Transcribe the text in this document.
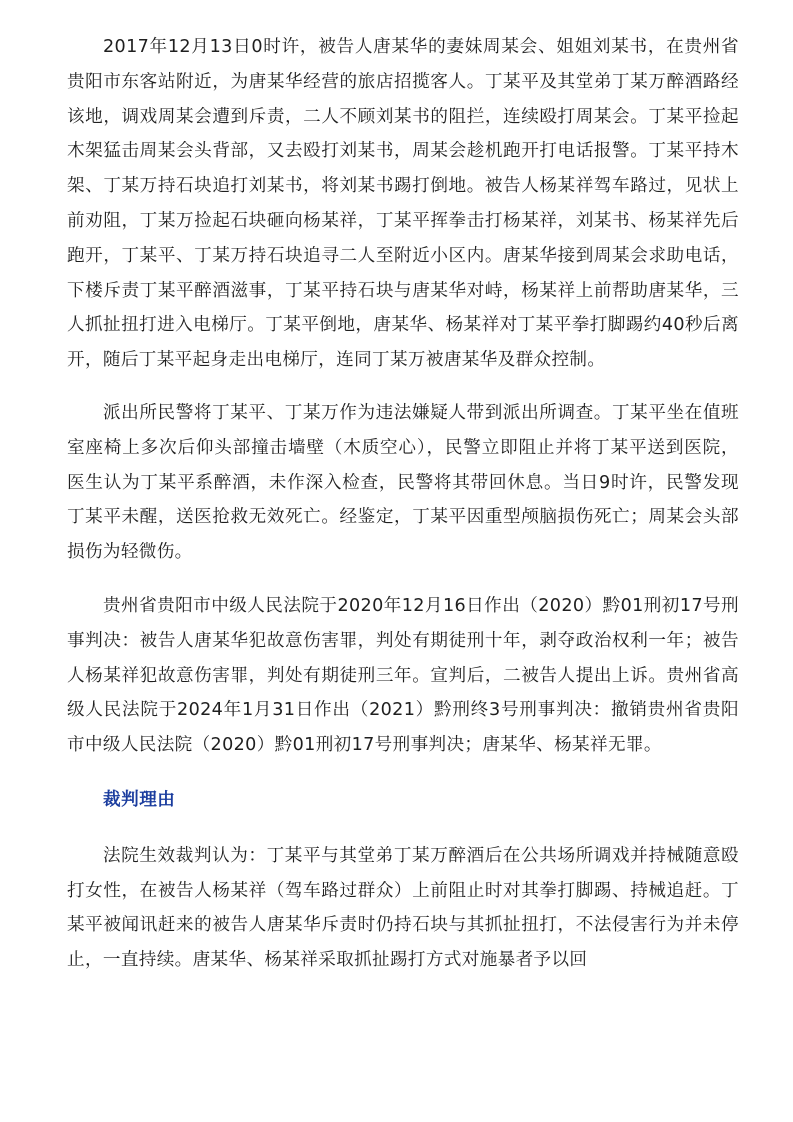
2017年12月13日0时许，被告人唐某华的妻妹周某会、姐姐刘某书，在贵州省贵阳市东客站附近，为唐某华经营的旅店招揽客人。丁某平及其堂弟丁某万醉酒路经该地，调戏周某会遭到斥责，二人不顾刘某书的阻拦，连续殴打周某会。丁某平捡起木架猛击周某会头背部，又去殴打刘某书，周某会趁机跑开打电话报警。丁某平持木架、丁某万持石块追打刘某书，将刘某书踢打倒地。被告人杨某祥驾车路过，见状上前劝阻，丁某万捡起石块砸向杨某祥，丁某平挥拳击打杨某祥，刘某书、杨某祥先后跑开，丁某平、丁某万持石块追寻二人至附近小区内。唐某华接到周某会求助电话，下楼斥责丁某平醉酒滋事，丁某平持石块与唐某华对峙，杨某祥上前帮助唐某华，三人抓扯扭打进入电梯厅。丁某平倒地，唐某华、杨某祥对丁某平拳打脚踢约40秒后离开，随后丁某平起身走出电梯厅，连同丁某万被唐某华及群众控制。

派出所民警将丁某平、丁某万作为违法嫌疑人带到派出所调查。丁某平坐在值班室座椅上多次后仰头部撞击墙壁（木质空心），民警立即阻止并将丁某平送到医院，医生认为丁某平系醉酒，未作深入检查，民警将其带回休息。当日9时许，民警发现丁某平未醒，送医抢救无效死亡。经鉴定，丁某平因重型颅脑损伤死亡；周某会头部损伤为轻微伤。

贵州省贵阳市中级人民法院于2020年12月16日作出（2020）黔01刑初17号刑事判决：被告人唐某华犯故意伤害罪，判处有期徒刑十年，剥夺政治权利一年；被告人杨某祥犯故意伤害罪，判处有期徒刑三年。宣判后，二被告人提出上诉。贵州省高级人民法院于2024年1月31日作出（2021）黔刑终3号刑事判决：撤销贵州省贵阳市中级人民法院（2020）黔01刑初17号刑事判决；唐某华、杨某祥无罪。

裁判理由

法院生效裁判认为：丁某平与其堂弟丁某万醉酒后在公共场所调戏并持械随意殴打女性，在被告人杨某祥（驾车路过群众）上前阻止时对其拳打脚踢、持械追赶。丁某平被闻讯赶来的被告人唐某华斥责时仍持石块与其抓扯扭打，不法侵害行为并未停止，一直持续。唐某华、杨某祥采取抓扯踢打方式对施暴者予以回
